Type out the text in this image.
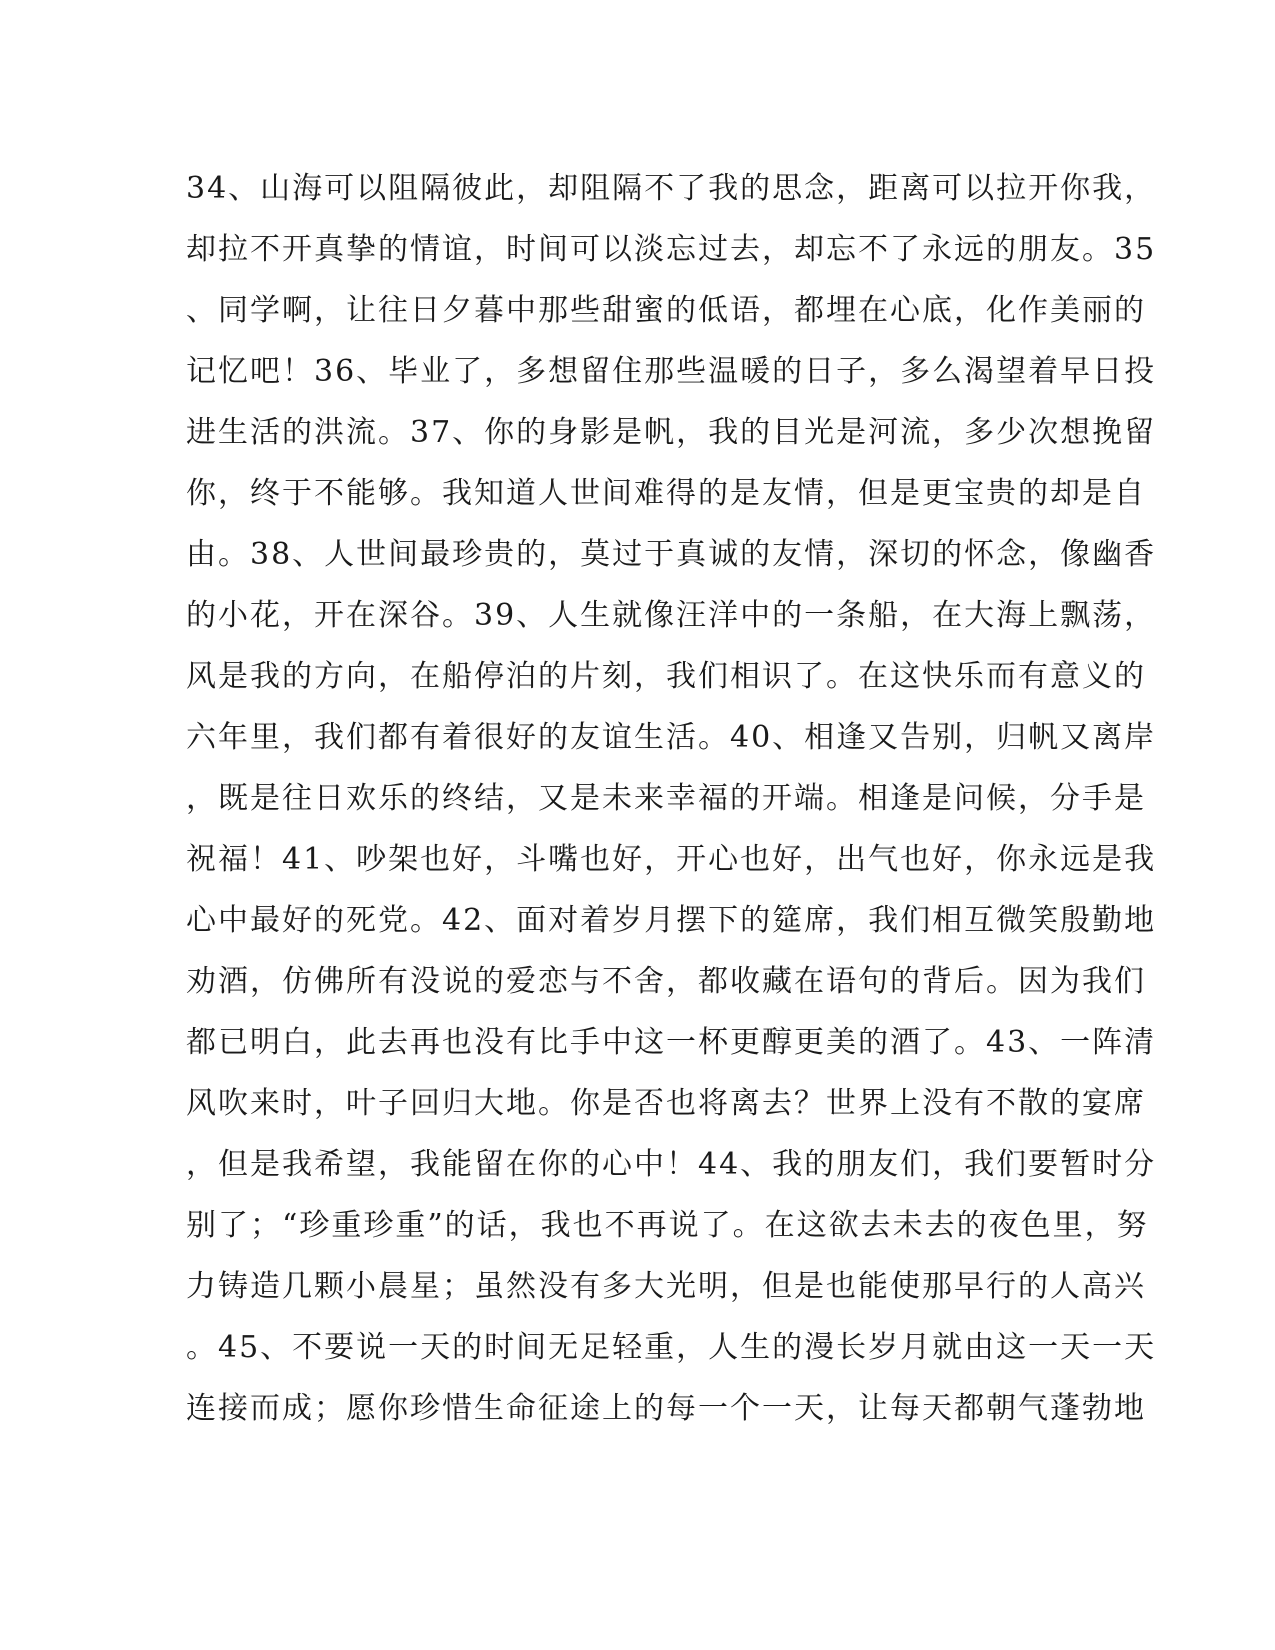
34、山海可以阻隔彼此，却阻隔不了我的思念，距离可以拉开你我，
却拉不开真挚的情谊，时间可以淡忘过去，却忘不了永远的朋友。35
、同学啊，让往日夕暮中那些甜蜜的低语，都埋在心底，化作美丽的
记忆吧！36、毕业了，多想留住那些温暖的日子，多么渴望着早日投
进生活的洪流。37、你的身影是帆，我的目光是河流，多少次想挽留
你，终于不能够。我知道人世间难得的是友情，但是更宝贵的却是自
由。38、人世间最珍贵的，莫过于真诚的友情，深切的怀念，像幽香
的小花，开在深谷。39、人生就像汪洋中的一条船，在大海上飘荡，
风是我的方向，在船停泊的片刻，我们相识了。在这快乐而有意义的
六年里，我们都有着很好的友谊生活。40、相逢又告别，归帆又离岸
，既是往日欢乐的终结，又是未来幸福的开端。相逢是问候，分手是
祝福！41、吵架也好，斗嘴也好，开心也好，出气也好，你永远是我
心中最好的死党。42、面对着岁月摆下的筵席，我们相互微笑殷勤地
劝酒，仿佛所有没说的爱恋与不舍，都收藏在语句的背后。因为我们
都已明白，此去再也没有比手中这一杯更醇更美的酒了。43、一阵清
风吹来时，叶子回归大地。你是否也将离去？世界上没有不散的宴席
，但是我希望，我能留在你的心中！44、我的朋友们，我们要暂时分
别了；“珍重珍重”的话，我也不再说了。在这欲去未去的夜色里，努
力铸造几颗小晨星；虽然没有多大光明，但是也能使那早行的人高兴
。45、不要说一天的时间无足轻重，人生的漫长岁月就由这一天一天
连接而成；愿你珍惜生命征途上的每一个一天，让每天都朝气蓬勃地
